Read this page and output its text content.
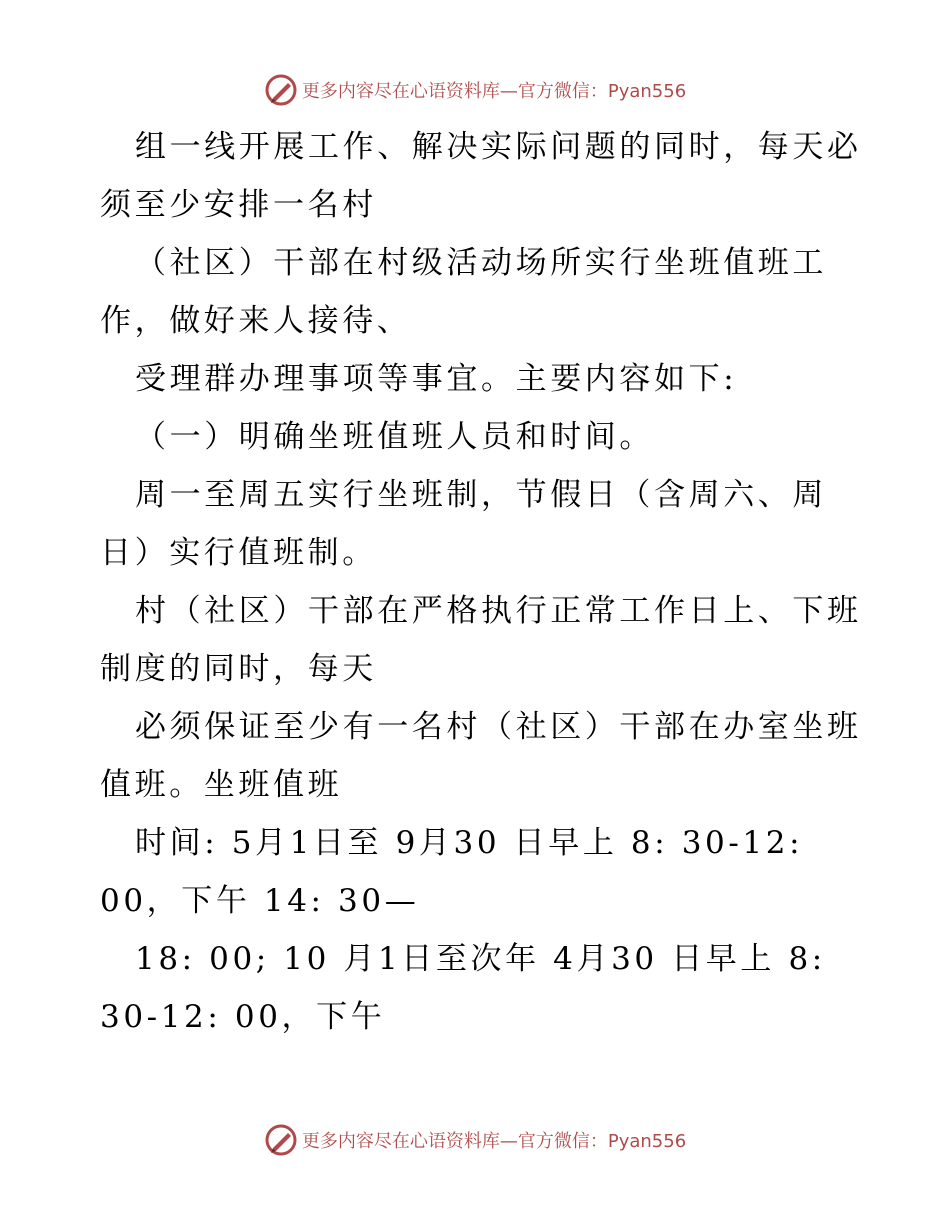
更多内容尽在心语资料库—官方微信：Pyan556
组一线开展工作、解决实际问题的同时，每天必
须至少安排一名村
（社区）干部在村级活动场所实行坐班值班工
作，做好来人接待、
受理群办理事项等事宜。主要内容如下:
（一）明确坐班值班人员和时间。
周一至周五实行坐班制，节假日（含周六、周
日）实行值班制。
村（社区）干部在严格执行正常工作日上、下班
制度的同时，每天
必须保证至少有一名村（社区）干部在办室坐班
值班。坐班值班
时间: 5月1日至 9月30 日早上 8: 30-12:
00，下午 14: 30—
18: 00; 10 月1日至次年 4月30 日早上 8:
30-12: 00，下午
更多内容尽在心语资料库—官方微信：Pyan556
